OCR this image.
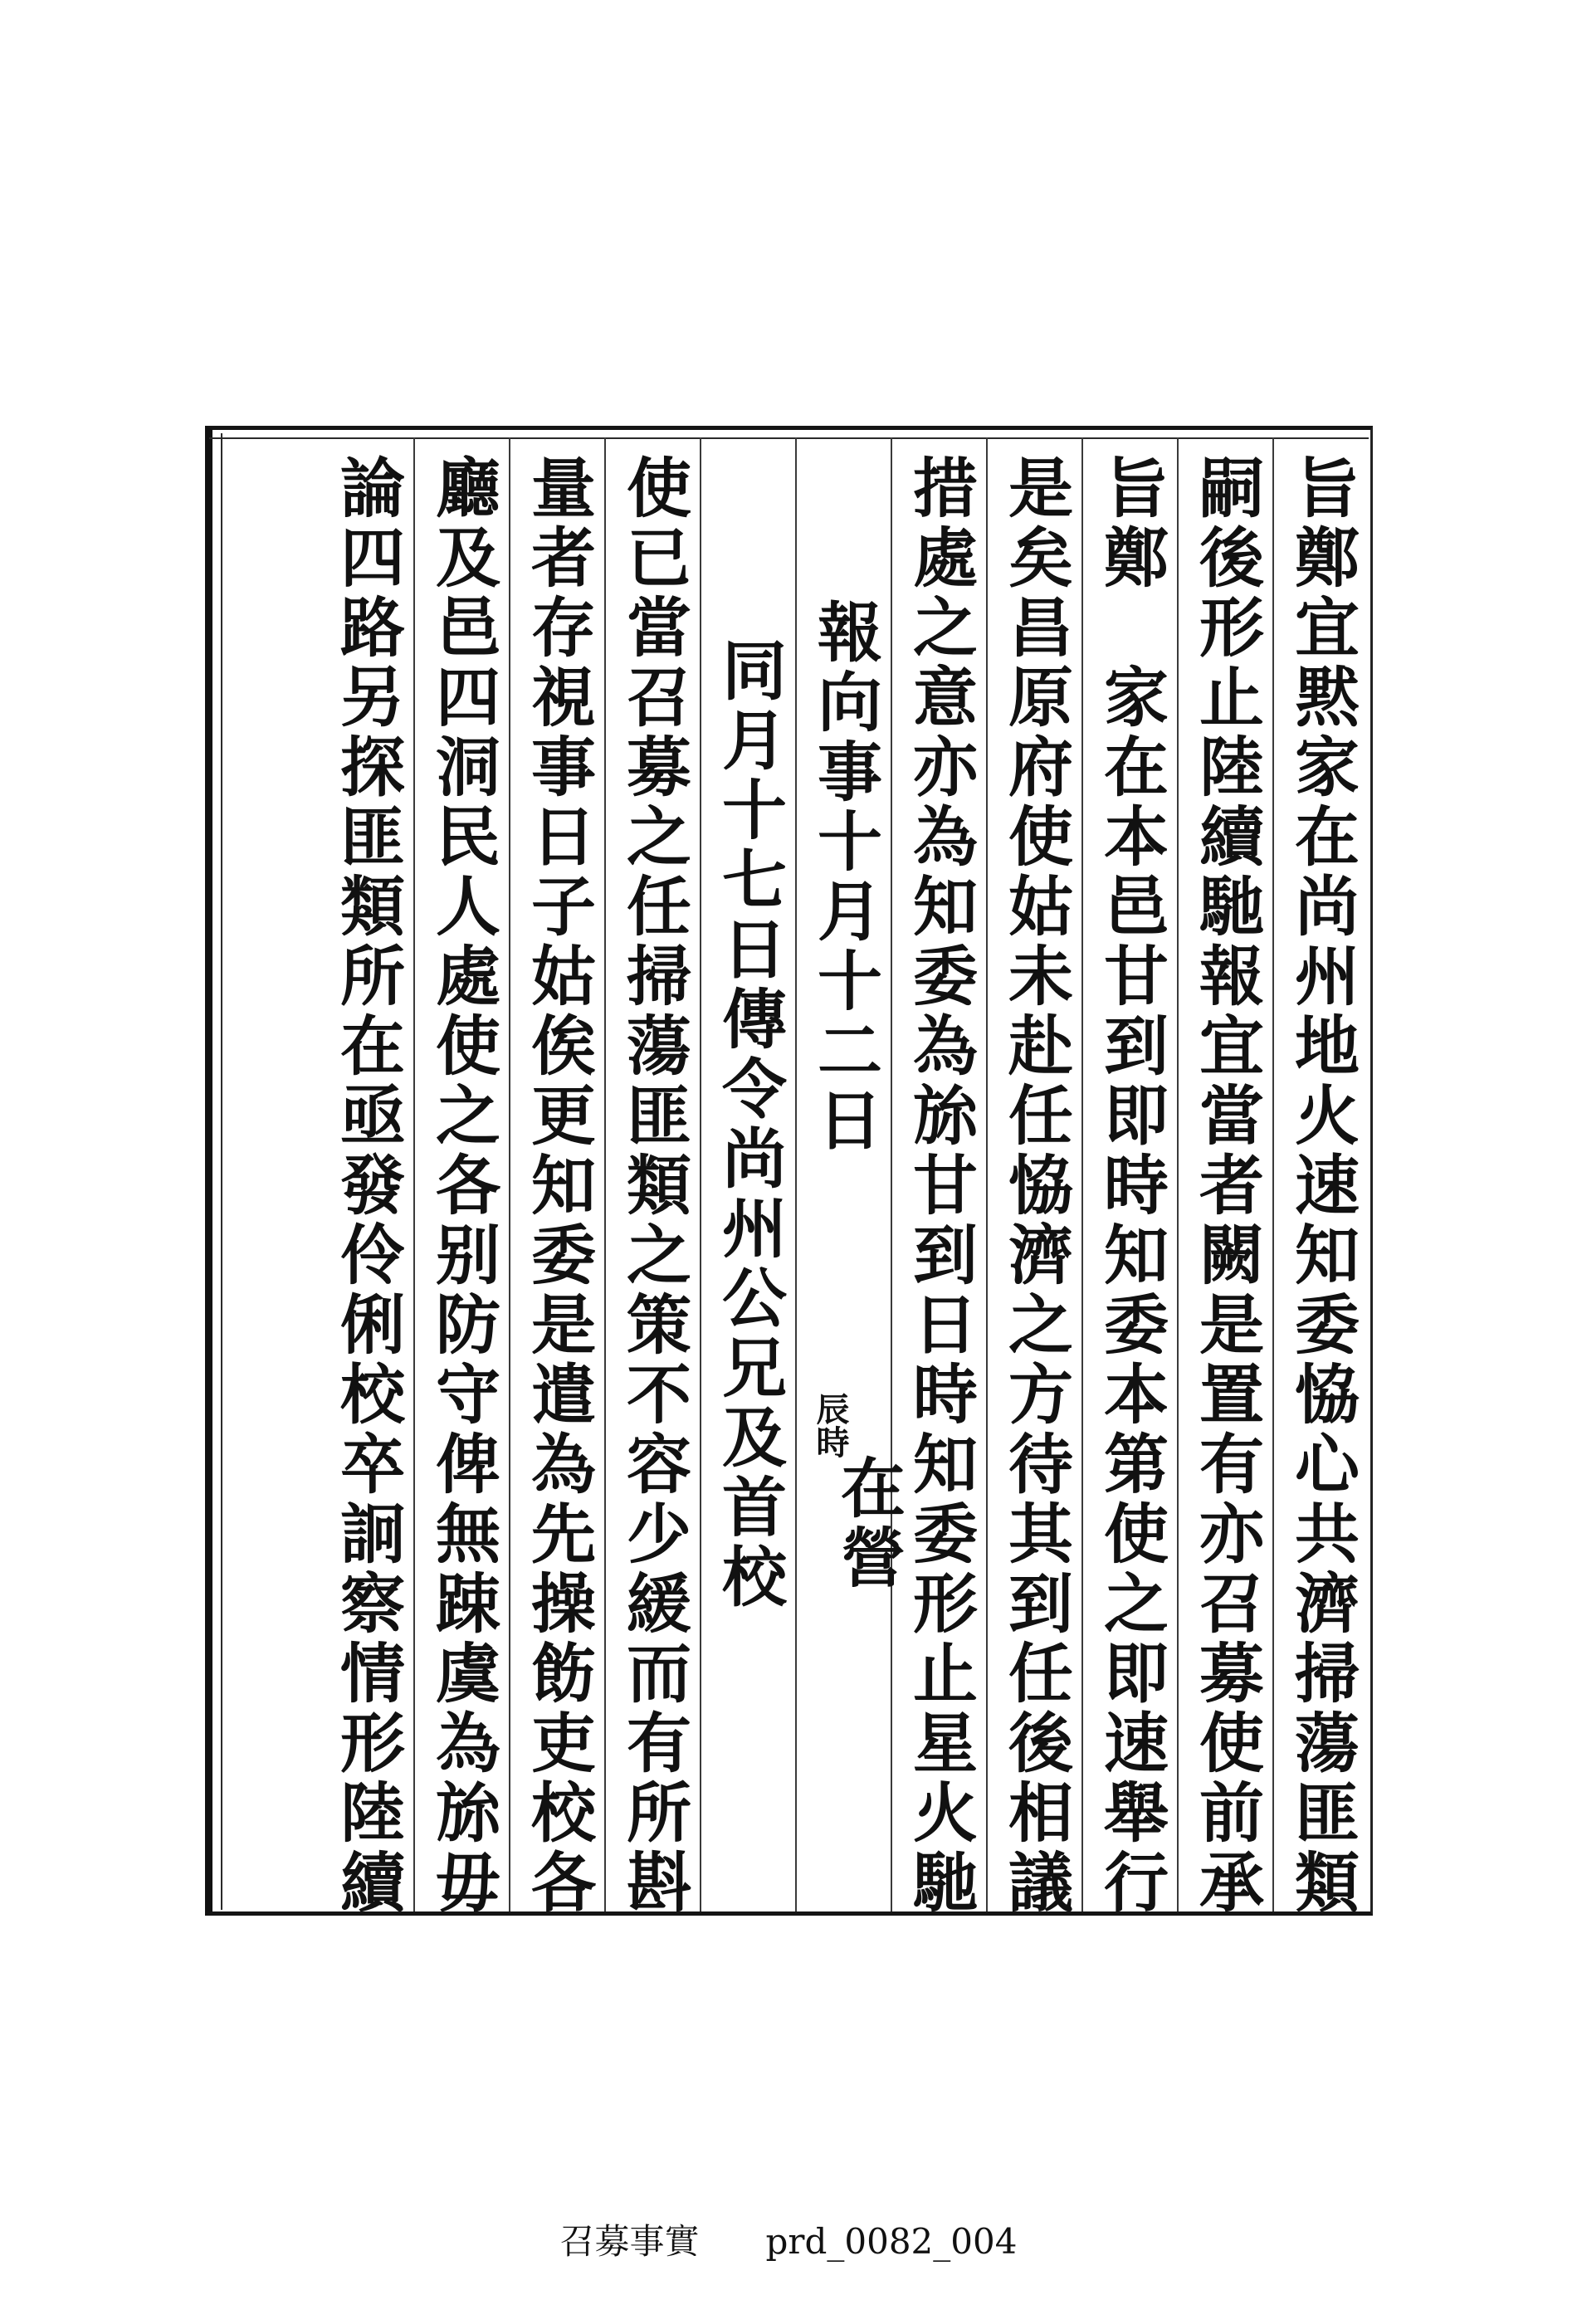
旨鄭宜黙家在尚州地火速知委恊心共濟掃蕩匪類
嗣後形止陸續馳報宜當者闕是置有亦召募使前承
旨鄭　家在本邑甘到即時知委本第使之即速舉行
是矣昌原府使姑未赴任恊濟之方待其到任後相議
措處之意亦為知委為旀甘到日時知委形止星火馳
報向事十月十二日
辰時
在營
同月十七日傳令尚州公兄及首校
使已當召募之任掃蕩匪類之策不容少緩而有所斟
量者存視事日子姑俟更知委是遣為先操飭吏校各
廳及邑四洞民人處使之各别防守俾無踈虞為旀毋
論四路另探匪類所在亟發伶俐校卒詗察情形陸續
召募事實 prd_0082_004
